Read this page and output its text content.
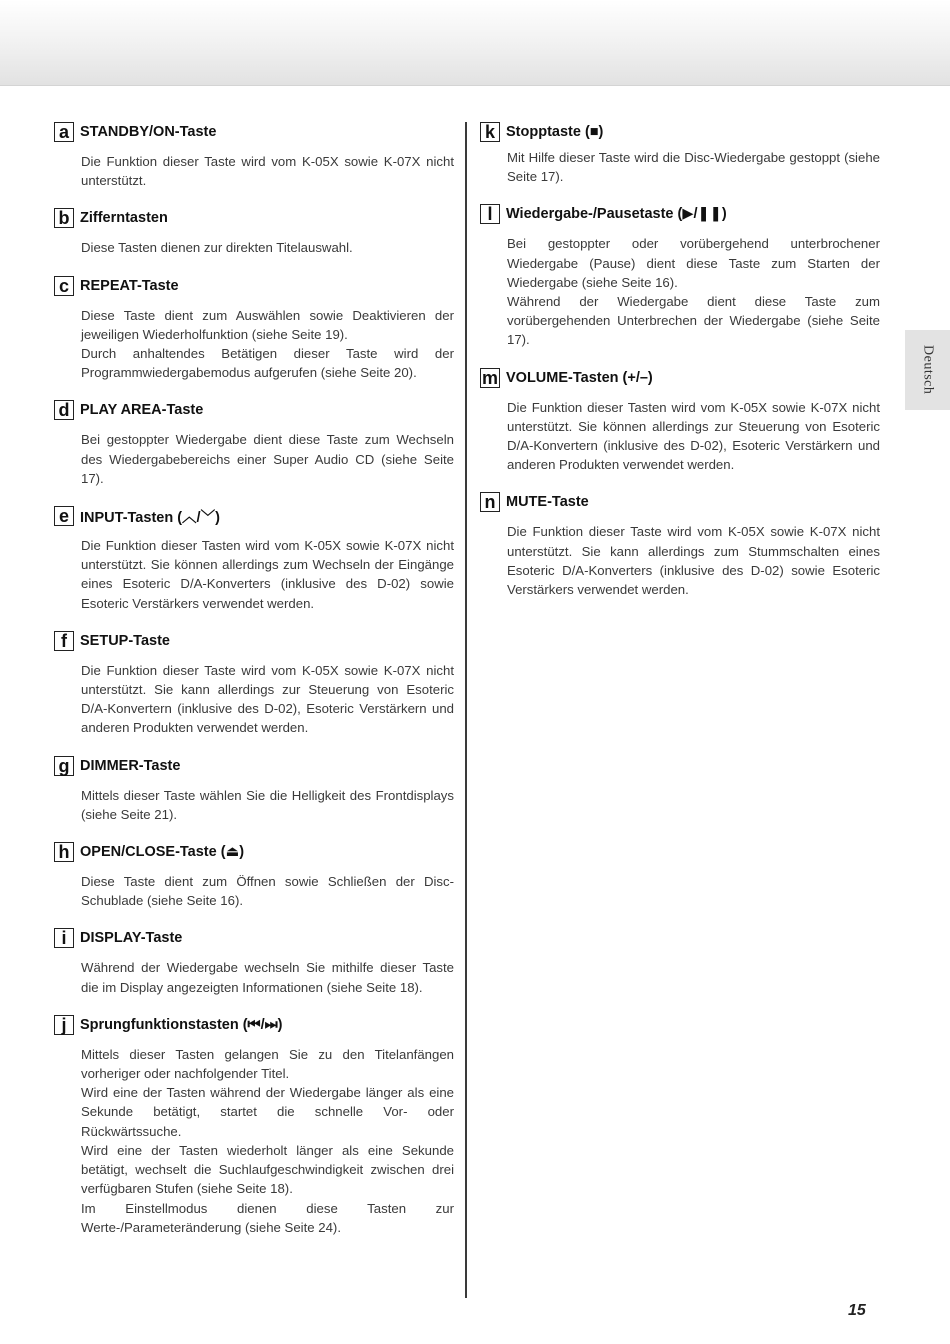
a STANDBY/ON-Taste

Die Funktion dieser Taste wird vom K-05X sowie K-07X nicht unterstützt.

b Zifferntasten

Diese Tasten dienen zur direkten Titelauswahl.

c REPEAT-Taste

Diese Taste dient zum Auswählen sowie Deaktivieren der jeweiligen Wiederholfunktion (siehe Seite 19).

Durch anhaltendes Betätigen dieser Taste wird der Programmwiedergabemodus aufgerufen (siehe Seite 20).

d PLAY AREA-Taste

Bei gestoppter Wiedergabe dient diese Taste zum Wechseln des Wiedergabebereichs einer Super Audio CD (siehe Seite 17).

e INPUT-Tasten (︿/﹀)

Die Funktion dieser Tasten wird vom K-05X sowie K-07X nicht unterstützt. Sie können allerdings zum Wechseln der Eingänge eines Esoteric D/A-Konverters (inklusive des D-02) sowie Esoteric Verstärkers verwendet werden.

f SETUP-Taste

Die Funktion dieser Taste wird vom K-05X sowie K-07X nicht unterstützt. Sie kann allerdings zur Steuerung von Esoteric D/A-Konvertern (inklusive des D-02), Esoteric Verstärkern und anderen Produkten verwendet werden.

g DIMMER-Taste

Mittels dieser Taste wählen Sie die Helligkeit des Frontdisplays (siehe Seite 21).

h OPEN/CLOSE-Taste (⏏)

Diese Taste dient zum Öffnen sowie Schließen der Disc-Schublade (siehe Seite 16).

i DISPLAY-Taste

Während der Wiedergabe wechseln Sie mithilfe dieser Taste die im Display angezeigten Informationen (siehe Seite 18).

j Sprungfunktionstasten (⏮/⏭)

Mittels dieser Tasten gelangen Sie zu den Titelanfängen vorheriger oder nachfolgender Titel.

Wird eine der Tasten während der Wiedergabe länger als eine Sekunde betätigt, startet die schnelle Vor- oder Rückwärtssuche.

Wird eine der Tasten wiederholt länger als eine Sekunde betätigt, wechselt die Suchlaufgeschwindigkeit zwischen drei verfügbaren Stufen (siehe Seite 18).

Im Einstellmodus dienen diese Tasten zur Werte-/Parameteränderung (siehe Seite 24).

k Stopptaste (■)

Mit Hilfe dieser Taste wird die Disc-Wiedergabe gestoppt (siehe Seite 17).

l Wiedergabe-/Pausetaste (▶/❚❚)

Bei gestoppter oder vorübergehend unterbrochener Wiedergabe (Pause) dient diese Taste zum Starten der Wiedergabe (siehe Seite 16).

Während der Wiedergabe dient diese Taste zum vorübergehenden Unterbrechen der Wiedergabe (siehe Seite 17).

m VOLUME-Tasten (+/–)

Die Funktion dieser Tasten wird vom K-05X sowie K-07X nicht unterstützt. Sie können allerdings zur Steuerung von Esoteric D/A-Konvertern (inklusive des D-02), Esoteric Verstärkern und anderen Produkten verwendet werden.

n MUTE-Taste

Die Funktion dieser Taste wird vom K-05X sowie K-07X nicht unterstützt. Sie kann allerdings zum Stummschalten eines Esoteric D/A-Konverters (inklusive des D-02) sowie Esoteric Verstärkers verwendet werden.

Deutsch
15
